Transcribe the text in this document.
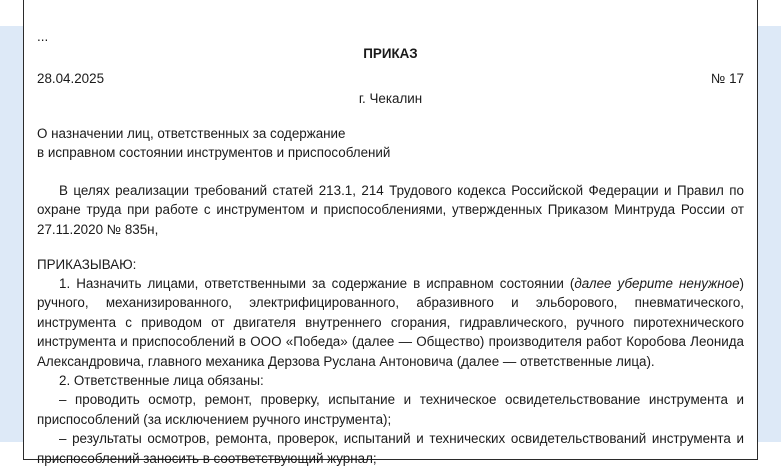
...

ПРИКАЗ

28.04.2025	№ 17

г. Чекалин

О назначении лиц, ответственных за содержание

в исправном состоянии инструментов и приспособлений

В целях реализации требований статей 213.1, 214 Трудового кодекса Российской Федерации и Правил по охране труда при работе с инструментом и приспособлениями, утвержденных Приказом Минтруда России от 27.11.2020 № 835н,

ПРИКАЗЫВАЮ:

1. Назначить лицами, ответственными за содержание в исправном состоянии (далее уберите ненужное) ручного, механизированного, электрифицированного, абразивного и эльборового, пневматического, инструмента с приводом от двигателя внутреннего сгорания, гидравлического, ручного пиротехнического инструмента и приспособлений в ООО «Победа» (далее — Общество) производителя работ Коробова Леонида Александровича, главного механика Дерзова Руслана Антоновича (далее — ответственные лица).

2. Ответственные лица обязаны:

– проводить осмотр, ремонт, проверку, испытание и техническое освидетельствование инструмента и приспособлений (за исключением ручного инструмента);

– результаты осмотров, ремонта, проверок, испытаний и технических освидетельствований инструмента и приспособлений заносить в соответствующий журнал;
